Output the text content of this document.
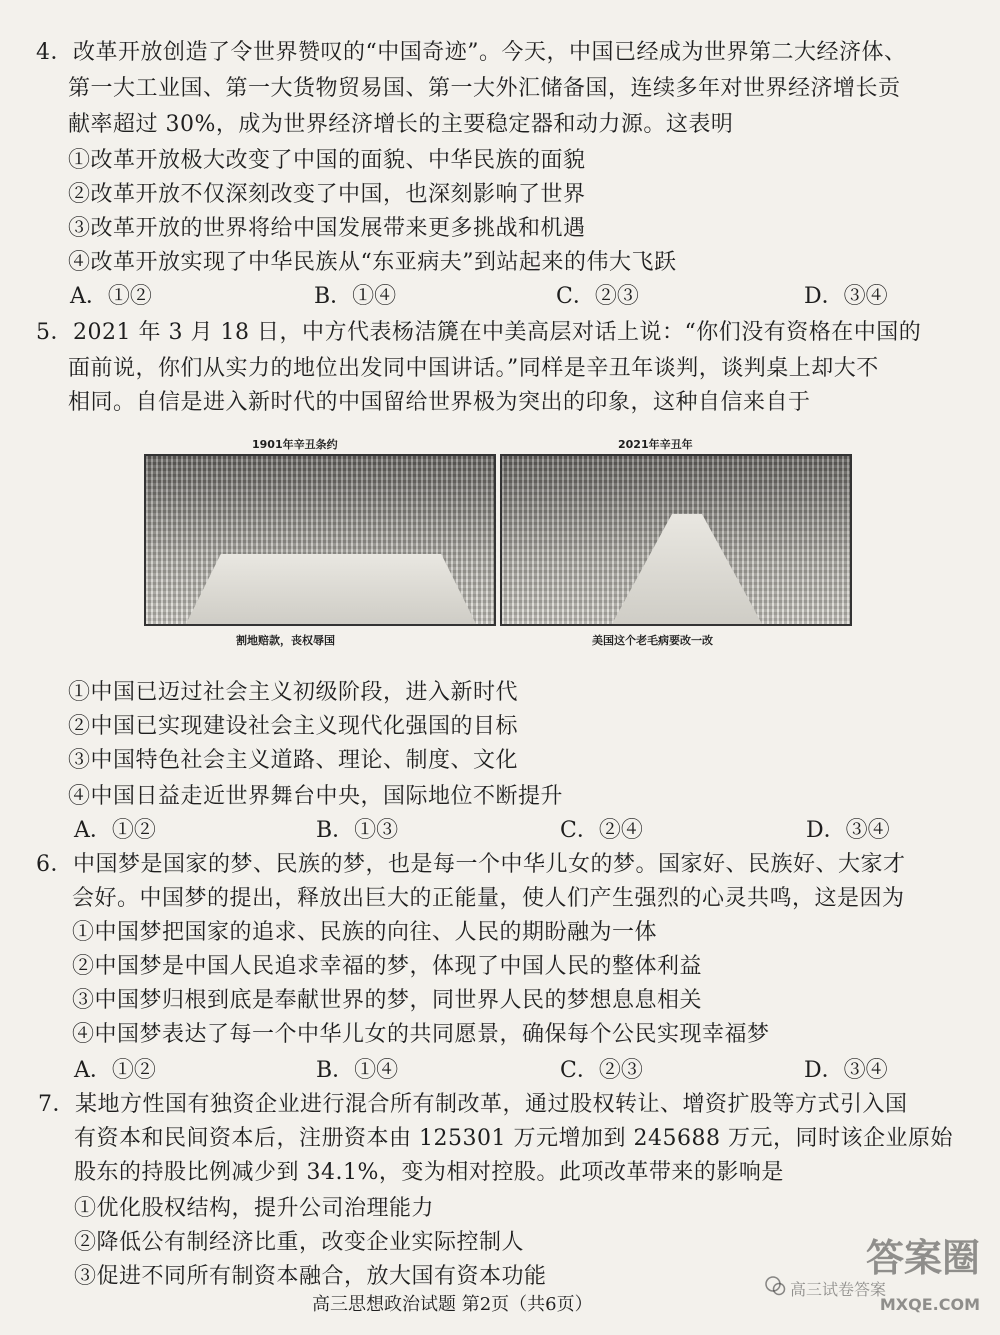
4．改革开放创造了令世界赞叹的“中国奇迹”。今天，中国已经成为世界第二大经济体、
第一大工业国、第一大货物贸易国、第一大外汇储备国，连续多年对世界经济增长贡
献率超过 30%，成为世界经济增长的主要稳定器和动力源。这表明
①改革开放极大改变了中国的面貌、中华民族的面貌
②改革开放不仅深刻改变了中国，也深刻影响了世界
③改革开放的世界将给中国发展带来更多挑战和机遇
④改革开放实现了中华民族从“东亚病夫”到站起来的伟大飞跃
A．①②	B．①④	C．②③	D．③④
5．2021 年 3 月 18 日，中方代表杨洁篪在中美高层对话上说：“你们没有资格在中国的
面前说，你们从实力的地位出发同中国讲话。”同样是辛丑年谈判，谈判桌上却大不
相同。自信是进入新时代的中国留给世界极为突出的印象，这种自信来自于
1901年辛丑条约	2021年辛丑年
割地赔款，丧权辱国	美国这个老毛病要改一改
①中国已迈过社会主义初级阶段，进入新时代
②中国已实现建设社会主义现代化强国的目标
③中国特色社会主义道路、理论、制度、文化
④中国日益走近世界舞台中央，国际地位不断提升
A．①②	B．①③	C．②④	D．③④
6．中国梦是国家的梦、民族的梦，也是每一个中华儿女的梦。国家好、民族好、大家才
会好。中国梦的提出，释放出巨大的正能量，使人们产生强烈的心灵共鸣，这是因为
①中国梦把国家的追求、民族的向往、人民的期盼融为一体
②中国梦是中国人民追求幸福的梦，体现了中国人民的整体利益
③中国梦归根到底是奉献世界的梦，同世界人民的梦想息息相关
④中国梦表达了每一个中华儿女的共同愿景，确保每个公民实现幸福梦
A．①②	B．①④	C．②③	D．③④
7．某地方性国有独资企业进行混合所有制改革，通过股权转让、增资扩股等方式引入国
有资本和民间资本后，注册资本由 125301 万元增加到 245688 万元，同时该企业原始
股东的持股比例减少到 34.1%，变为相对控股。此项改革带来的影响是
①优化股权结构，提升公司治理能力
②降低公有制经济比重，改变企业实际控制人
③促进不同所有制资本融合，放大国有资本功能
高三思想政治试题 第2页（共6页）
答案圈
高三试卷答案
MXQE.COM
